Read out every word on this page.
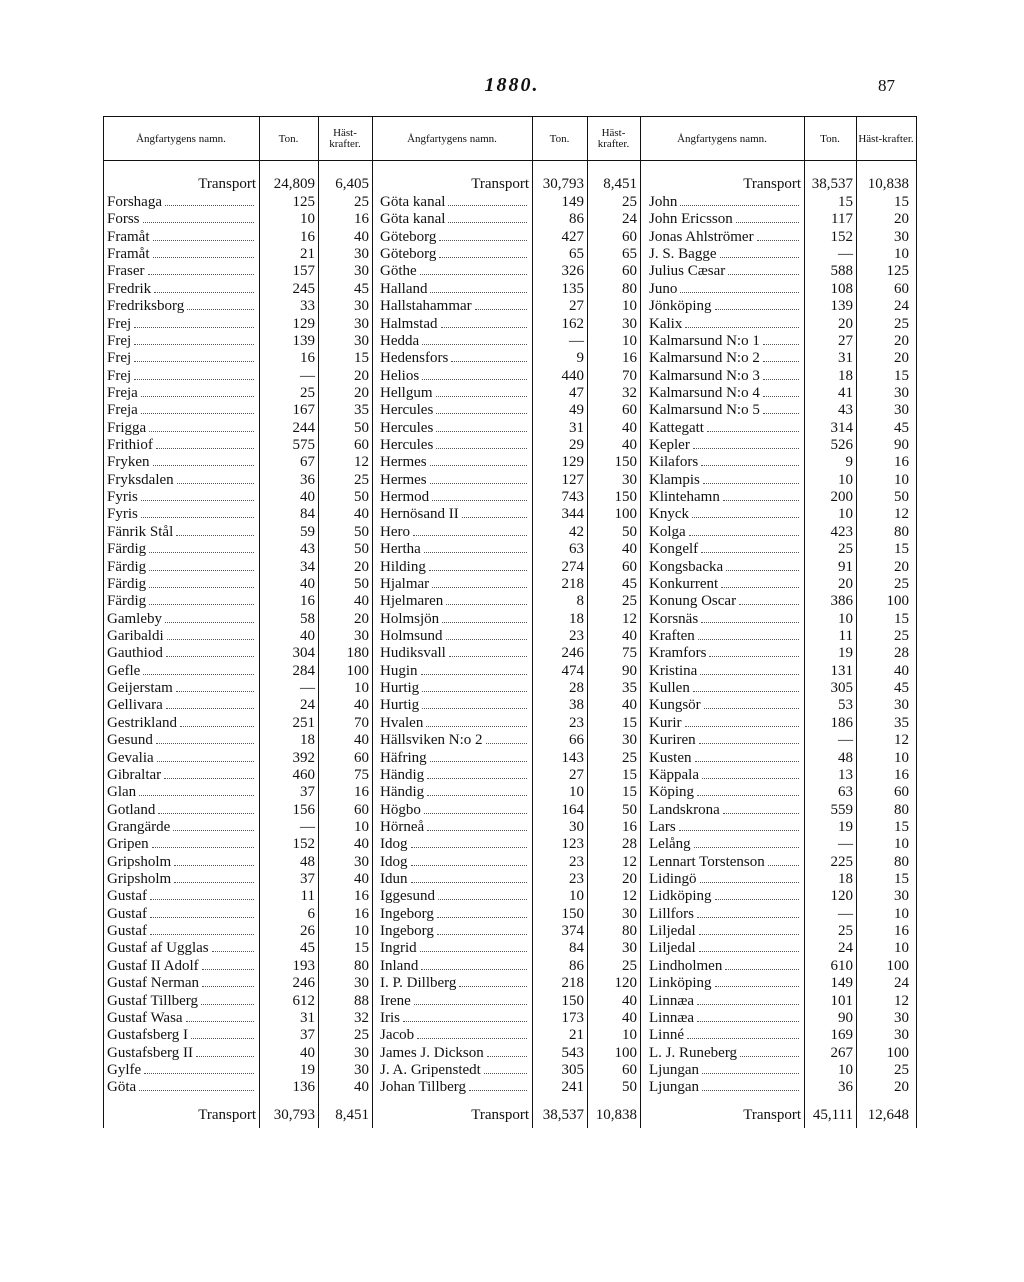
1880.	87
Ångfartygens namn.	Ton.	Häst-krafter.	Ångfartygens namn.	Ton.	Häst-krafter.	Ångfartygens namn.	Ton.	Häst-krafter.
Transport 24,809 6,405
Forshaga	125	25
Forss	10	16
Framåt	16	40
Framåt	21	30
Fraser	157	30
Fredrik	245	45
Fredriksborg	33	30
Frej	129	30
Frej	139	30
Frej	16	15
Frej	—	20
Freja	25	20
Freja	167	35
Frigga	244	50
Frithiof	575	60
Fryken	67	12
Fryksdalen	36	25
Fyris	40	50
Fyris	84	40
Fänrik Stål	59	50
Färdig	43	50
Färdig	34	20
Färdig	40	50
Färdig	16	40
Gamleby	58	20
Garibaldi	40	30
Gauthiod	304 180
Gefle	284 100
Geijerstam	—	10
Gellivara	24	40
Gestrikland	251	70
Gesund	18	40
Gevalia	392	60
Gibraltar	460	75
Glan	37	16
Gotland	156	60
Grangärde	—	10
Gripen	152	40
Gripsholm	48	30
Gripsholm	37	40
Gustaf	11	16
Gustaf	6	16
Gustaf	26	10
Gustaf af Ugglas	45	15
Gustaf II Adolf	193	80
Gustaf Nerman	246	30
Gustaf Tillberg	612	88
Gustaf Wasa	31	32
Gustafsberg I	37	25
Gustafsberg II	40	30
Gylfe	19	30
Göta	136	40
Transport 30,793 8,451
Transport 30,793 8,451
Göta kanal	149	25
Göta kanal	86	24
Göteborg	427	60
Göteborg	65	65
Göthe	326	60
Halland	135	80
Hallstahammar	27	10
Halmstad	162	30
Hedda	—	10
Hedensfors	9	16
Helios	440	70
Hellgum	47	32
Hercules	49	60
Hercules	31	40
Hercules	29	40
Hermes	129 150
Hermes	127	30
Hermod	743 150
Hernösand II	344 100
Hero	42	50
Hertha	63	40
Hilding	274	60
Hjalmar	218	45
Hjelmaren	8	25
Holmsjön	18	12
Holmsund	23	40
Hudiksvall	246	75
Hugin	474	90
Hurtig	28	35
Hurtig	38	40
Hvalen	23	15
Hällsviken N:o 2	66	30
Häfring	143	25
Händig	27	15
Händig	10	15
Högbo	164	50
Hörneå	30	16
Idog	123	28
Idog	23	12
Idun	23	20
Iggesund	10	12
Ingeborg	150	30
Ingeborg	374	80
Ingrid	84	30
Inland	86	25
I. P. Dillberg	218 120
Irene	150	40
Iris	173	40
Jacob	21	10
James J. Dickson	543 100
J. A. Gripenstedt	305	60
Johan Tillberg	241	50
Transport 38,537 10,838
Transport 38,537 10,838
John	15	15
John Ericsson	117	20
Jonas Ahlströmer	152	30
J. S. Bagge	—	10
Julius Cæsar	588 125
Juno	108	60
Jönköping	139	24
Kalix	20	25
Kalmarsund N:o 1	27	20
Kalmarsund N:o 2	31	20
Kalmarsund N:o 3	18	15
Kalmarsund N:o 4	41	30
Kalmarsund N:o 5	43	30
Kattegatt	314	45
Kepler	526	90
Kilafors	9	16
Klampis	10	10
Klintehamn	200	50
Knyck	10	12
Kolga	423	80
Kongelf	25	15
Kongsbacka	91	20
Konkurrent	20	25
Konung Oscar	386 100
Korsnäs	10	15
Kraften	11	25
Kramfors	19	28
Kristina	131	40
Kullen	305	45
Kungsör	53	30
Kurir	186	35
Kuriren	—	12
Kusten	48	10
Käppala	13	16
Köping	63	60
Landskrona	559	80
Lars	19	15
Lelång	—	10
Lennart Torstenson	225	80
Lidingö	18	15
Lidköping	120	30
Lillfors	—	10
Liljedal	25	16
Liljedal	24	10
Lindholmen	610 100
Linköping	149	24
Linnæa	101	12
Linnæa	90	30
Linné	169	30
L. J. Runeberg	267 100
Ljungan	10	25
Ljungan	36	20
Transport 45,111 12,648
